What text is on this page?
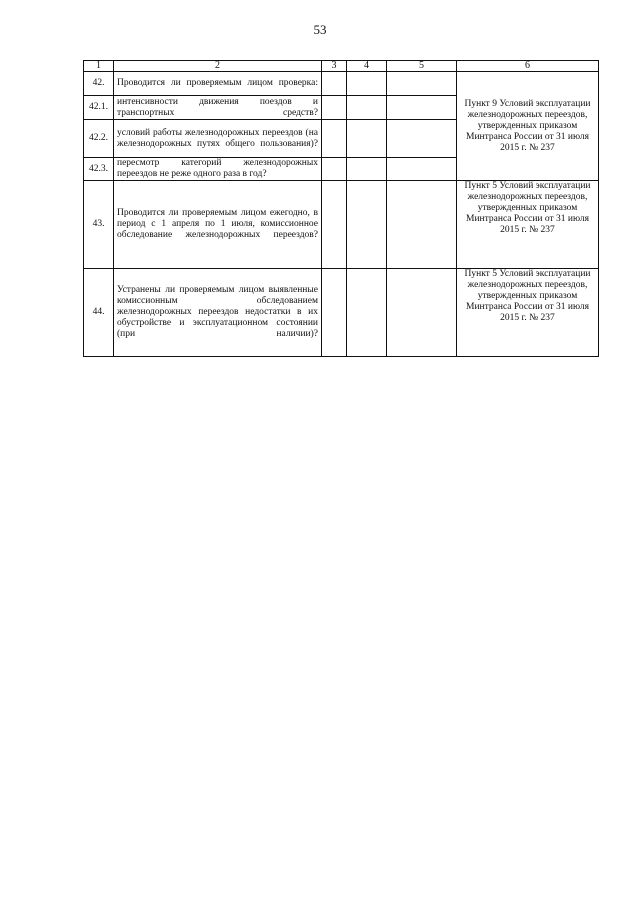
53
1	2	3	4	5	6
42.	Проводится ли проверяемым лицом проверка:				Пункт 9 Условий эксплуатации железнодорожных переездов, утвержденных приказом Минтранса России от 31 июля 2015 г. № 237
42.1.	интенсивности движения поездов и транспортных средств?				
42.2.	условий работы железнодорожных переездов (на железнодорожных путях общего пользования)?				
42.3.	пересмотр категорий железнодорожных переездов не реже одного раза в год?				
43.	Проводится ли проверяемым лицом ежегодно, в период с 1 апреля по 1 июля, комиссионное обследование железнодорожных переездов?				Пункт 5 Условий эксплуатации железнодорожных переездов, утвержденных приказом Минтранса России от 31 июля 2015 г. № 237
44.	Устранены ли проверяемым лицом выявленные комиссионным обследованием железнодорожных переездов недостатки в их обустройстве и эксплуатационном состоянии (при наличии)?				Пункт 5 Условий эксплуатации железнодорожных переездов, утвержденных приказом Минтранса России от 31 июля 2015 г. № 237
